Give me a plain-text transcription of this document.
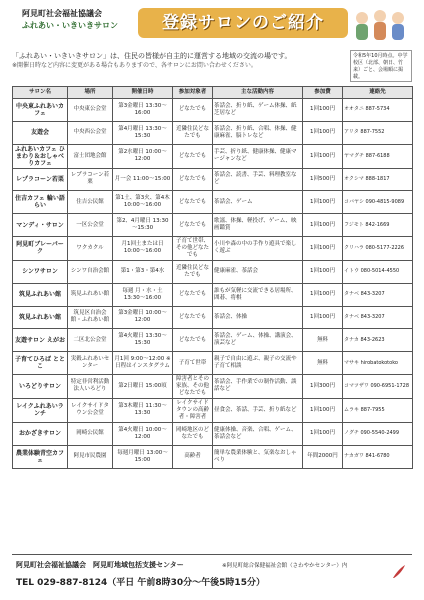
阿見町社会福祉協議会
ふれあい・いきいきサロン	登録サロンのご紹介
「ふれあい・いきいきサロン」は、住民の皆様が自主的に運営する地域の交流の場です。
※開催日時など内容に変更がある場合もありますので、各サロンにお問い合わせください。
令和5年10月時点。中学校区（北部、朝日、竹来）ごと、会場順に掲載。
サロン名	場所	開催日時	参加対象者	主な活動内容	参加費	連絡先
中央東ふれあいカフェ	中央東公会堂	第3金曜日 13:30～16:00	どなたでも	茶話会、折り紙、ゲーム体操、紙芝居など	1回100円	オオタニ 887-5734
友遊会	中央西公会堂	第4月曜日 13:30～15:30	近隣住民どなたでも	茶話会、折り紙、合唱、体操、健康麻雀、脳トレなど	1回100円	アリタ 887-7552
ふれあいカフェ ひまわり＆おしゃべりカフェ	富士団地会館	第2水曜日 10:00～12:00	どなたでも	手芸、折り紙、健康体操、健康マージャンなど	1回100円	ヤマグチ 887-6188
レプラコーン若栗	レプラコーン若栗	月一会 11:00～15:00	どなたでも	茶話会、読書、手芸、料理教室など	1回500円	オクシマ 888-1817
住吉カフェ 輪い語らい	住吉公民館	第1土、第3火、第4木 10:00～16:00	どなたでも	茶話会、ゲーム	1回100円	コバヤシ 090-4815-9089
マンディ・サロン	一区公会堂	第2、4月曜日 13:30～15:30	どなたでも	歌謡、体操、軽投げ、ゲーム、映画鑑賞	1回100円	フジモト 842-1669
阿見町ブレーパーク	ワクカクル	月1回土または日 10:00～16:00	子育て世帯、その他どなたでも	小川や森の中の手作り遊具で楽しく遊ぶ	1回100円	クリハラ 080-5177-2226
シンワサロン	シンワ自治会館	第1・第3・第4水	近隣住民どなたでも	健康麻雀、茶話会	1回100円	イトウ 080-5014-4550
筑見ふれあい館	筑見ふれあい館	毎週 月・水・土 13:30～16:00	どなたでも	誰もが気軽に交流できる居場所、囲碁、将棋	1回100円	タナベ 843-3207
筑見ふれあい館	筑見区自治会館・ふれあい館	第3金曜日 10:00～12:00	どなたでも	茶話会、体操	1回100円	タナベ 843-3207
友遊サロン えがお	二区北公会堂	第4火曜日 13:30～15:30	どなたでも	茶話会、ゲーム、体操、講演会、演芸など	無料	タナカ 843-2623
子育てひろば ととこ	実穀ふれあいセンター	月1回 9:00～12:00 ※日程はインスタグラム	子育て世帯	親子で自由に遊ぶ、親子の交流や子育て相談	無料	マサキ hirobatokotoko
いろどりサロン	特定非営利活動法人いろどり	第2日曜日 15:00頃	障害者とその家族、その他どなたでも	茶話会、手作業での制作活動、談話など	1回300円	コマツザワ 090-6951-1728
レイクふれあいランチ	レイクサイドタウン公会堂	第3木曜日 11:30～13:30	レイクサイドタウンの高齢者・障害者	昼食会、茶話、手芸、折り紙など	1回100円	ムラキ 887-7955
おかざきサロン	岡崎公民館	第4火曜日 10:00～12:00	岡崎地区のどなたでも	健康体操、音楽、合唱、ゲーム、茶話会など	1回100円	ノグチ 090-5540-2499
農業体験青空カフェ	阿見市民農園	毎週月曜日 13:00～15:00	高齢者	簡単な農業体験と、気楽なおしゃべり	年間2000円	ナカガワ 841-6780
阿見町社会福祉協議会　阿見町地域包括支援センター	※阿見町総合保健福祉会館（さわやかセンター）内
TEL 029-887-8124（平日 午前8時30分～午後5時15分）
